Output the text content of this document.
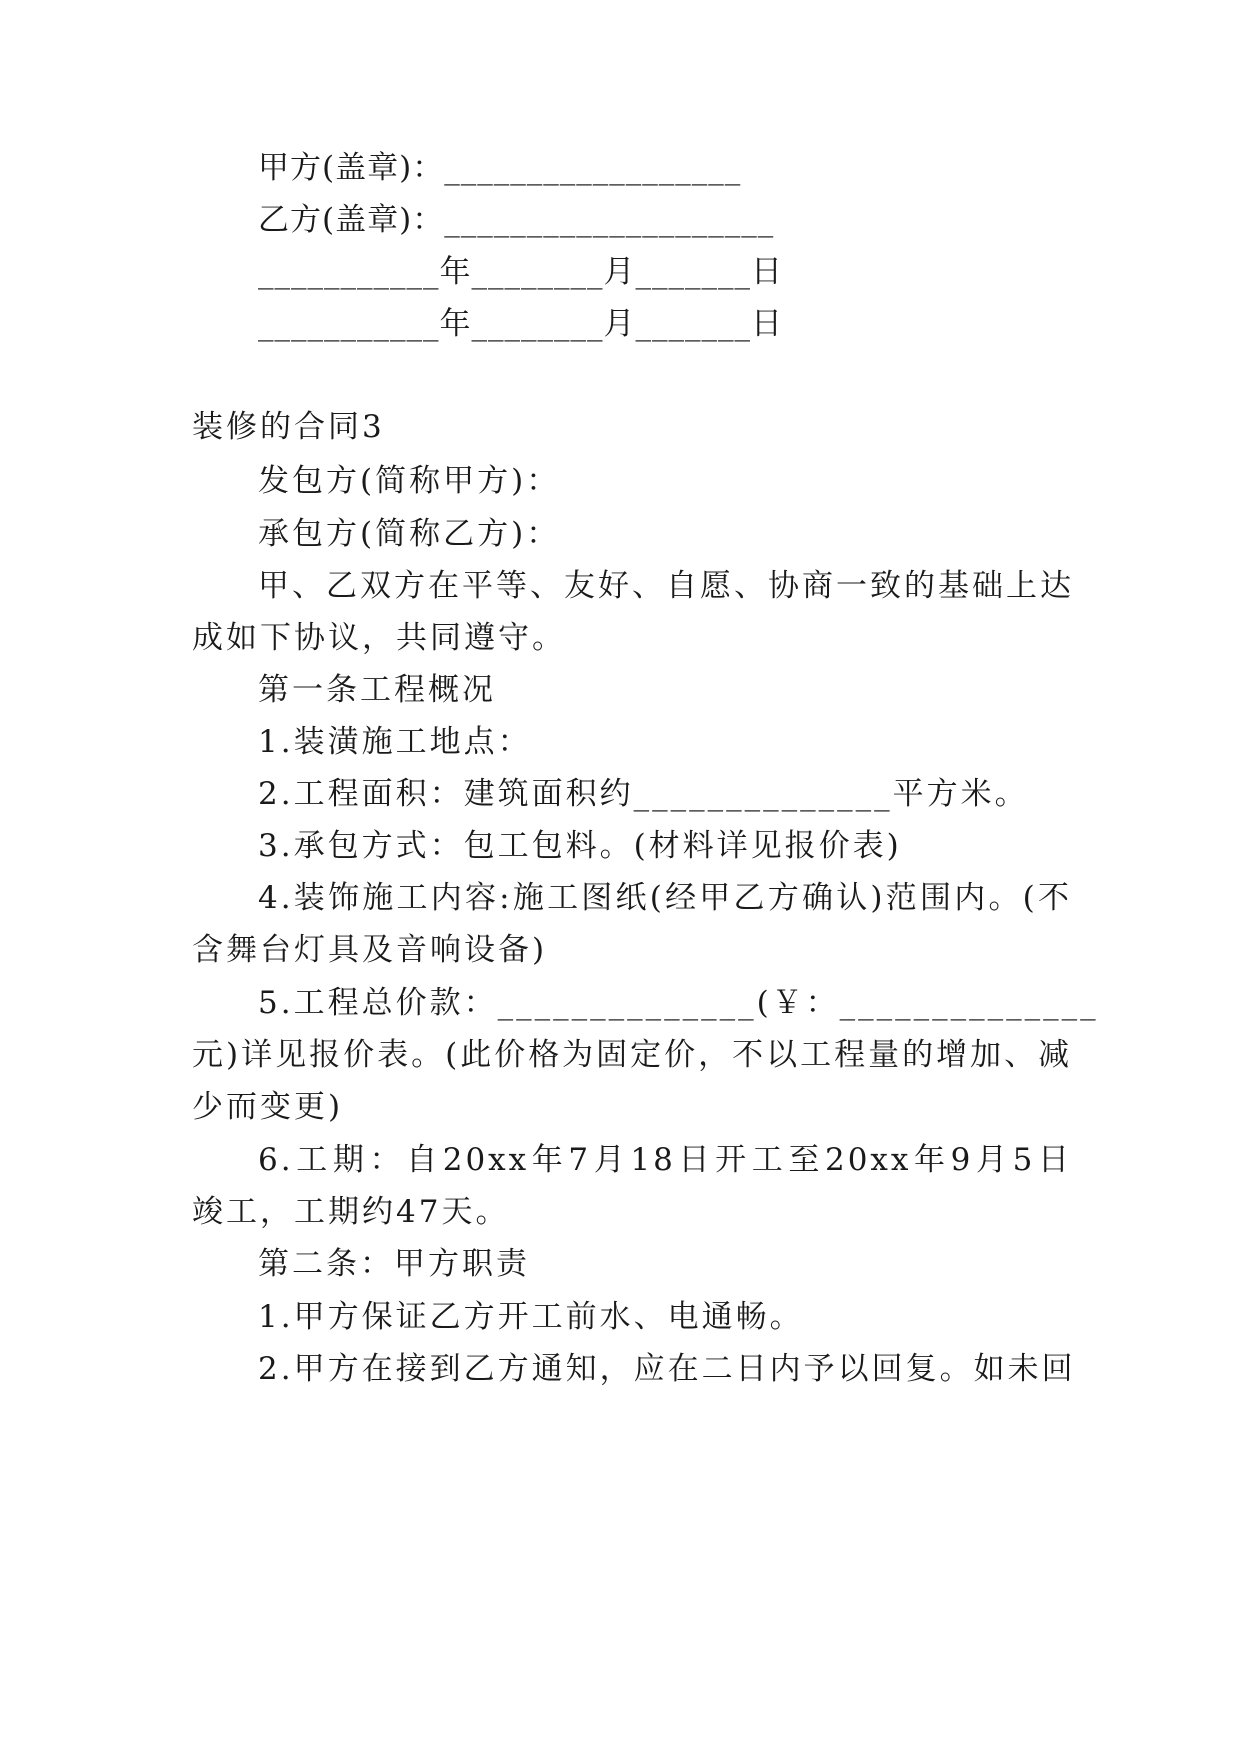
甲方(盖章)：__________________
乙方(盖章)：____________________
___________年________月_______日
___________年________月_______日
装修的合同3
发包方(简称甲方)：
承包方(简称乙方)：
甲、乙双方在平等、友好、自愿、协商一致的基础上达
成如下协议，共同遵守。
第一条工程概况
1.装潢施工地点：
2.工程面积：建筑面积约______________平方米。
3.承包方式：包工包料。(材料详见报价表)
4.装饰施工内容:施工图纸(经甲乙方确认)范围内。(不
含舞台灯具及音响设备)
5.工程总价款：______________(￥：______________
元)详见报价表。(此价格为固定价，不以工程量的增加、减
少而变更)
6.工期：自20xx年7月18日开工至20xx年9月5日
竣工，工期约47天。
第二条：甲方职责
1.甲方保证乙方开工前水、电通畅。
2.甲方在接到乙方通知，应在二日内予以回复。如未回
